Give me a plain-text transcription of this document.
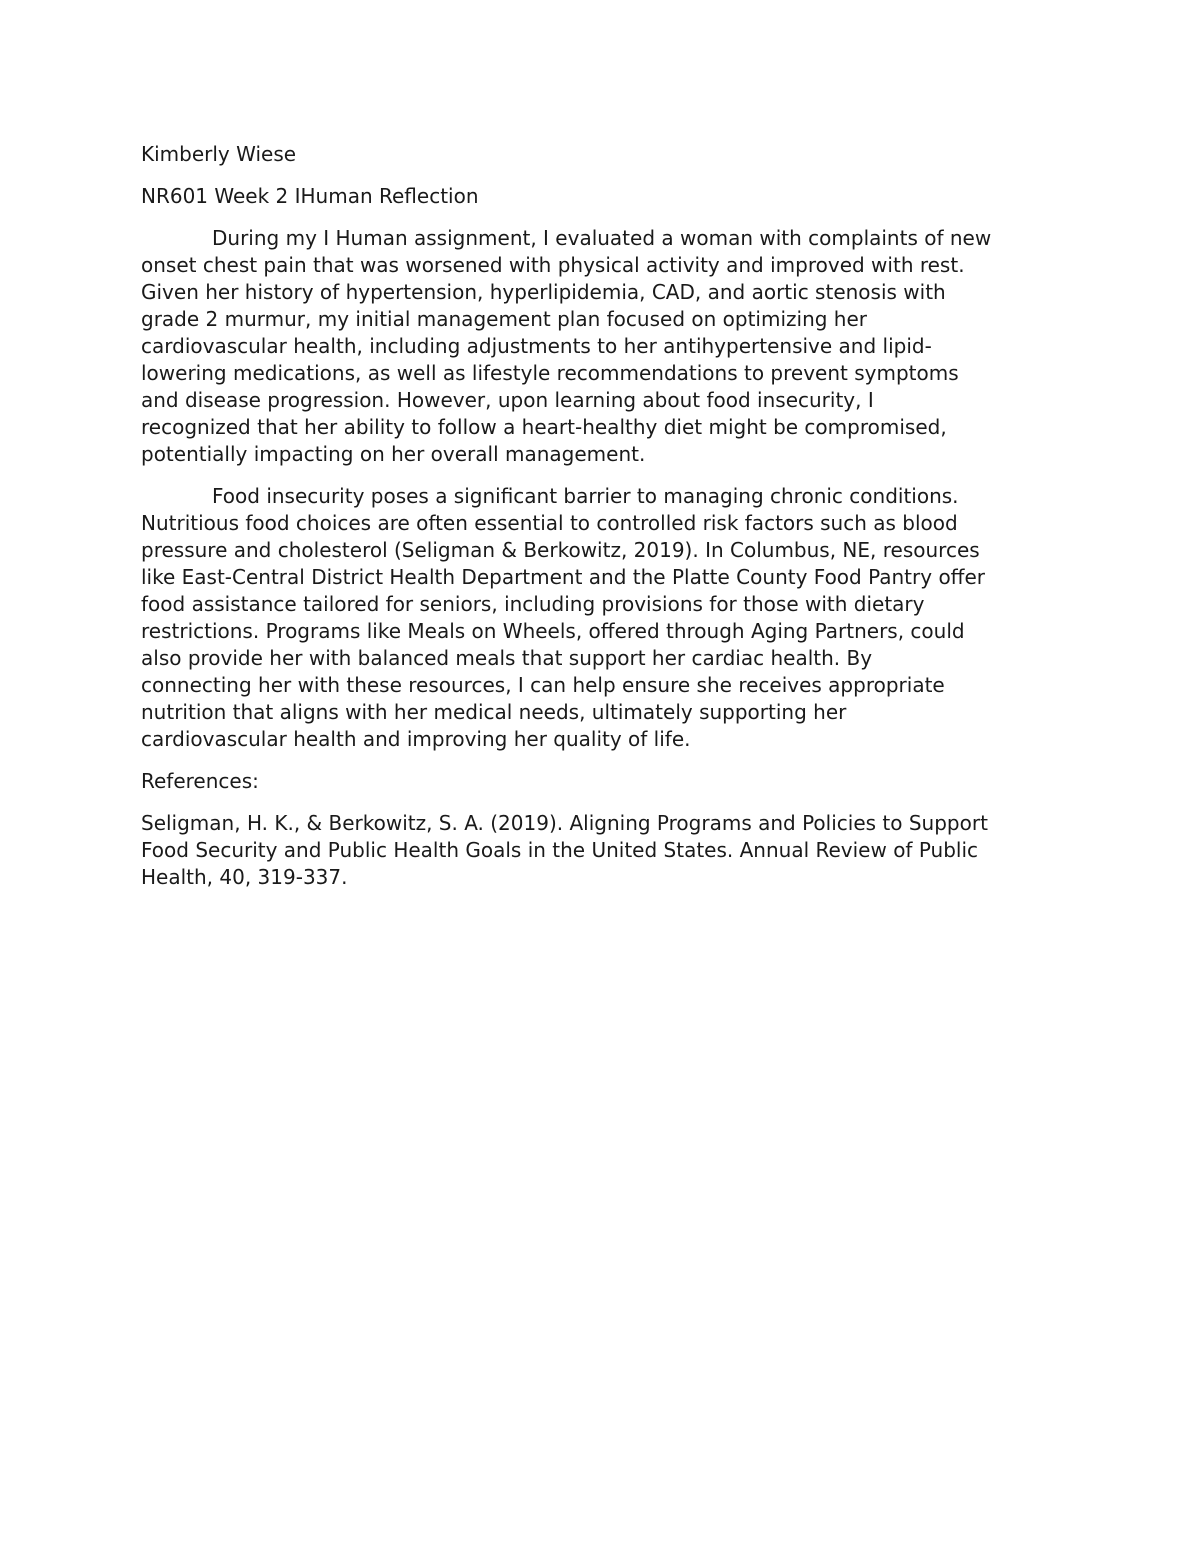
Kimberly Wiese

NR601 Week 2 IHuman Reflection

During my I Human assignment, I evaluated a woman with complaints of new
onset chest pain that was worsened with physical activity and improved with rest.
Given her history of hypertension, hyperlipidemia, CAD, and aortic stenosis with
grade 2 murmur, my initial management plan focused on optimizing her
cardiovascular health, including adjustments to her antihypertensive and lipid-
lowering medications, as well as lifestyle recommendations to prevent symptoms
and disease progression. However, upon learning about food insecurity, I
recognized that her ability to follow a heart-healthy diet might be compromised,
potentially impacting on her overall management.

Food insecurity poses a significant barrier to managing chronic conditions.
Nutritious food choices are often essential to controlled risk factors such as blood
pressure and cholesterol (Seligman & Berkowitz, 2019). In Columbus, NE, resources
like East-Central District Health Department and the Platte County Food Pantry offer
food assistance tailored for seniors, including provisions for those with dietary
restrictions. Programs like Meals on Wheels, offered through Aging Partners, could
also provide her with balanced meals that support her cardiac health. By
connecting her with these resources, I can help ensure she receives appropriate
nutrition that aligns with her medical needs, ultimately supporting her
cardiovascular health and improving her quality of life.

References:

Seligman, H. K., & Berkowitz, S. A. (2019). Aligning Programs and Policies to Support
Food Security and Public Health Goals in the United States. Annual Review of Public
Health, 40, 319-337.
